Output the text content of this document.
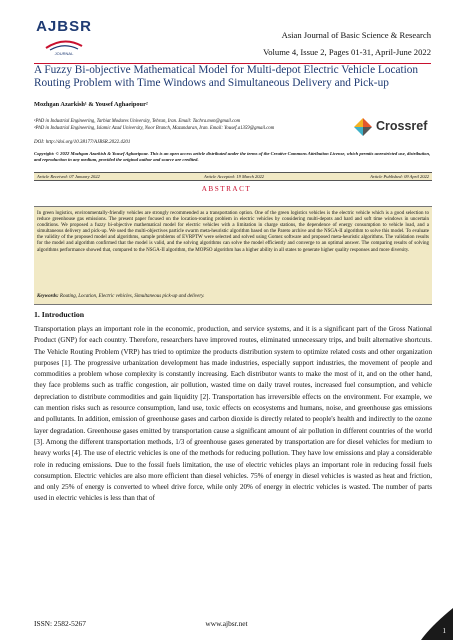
AJBSR
JOURNAL
Asian Journal of Basic Science & Research
Volume 4, Issue 2, Pages 01-31, April-June 2022
A Fuzzy Bi-objective Mathematical Model for Multi-depot Electric Vehicle Location Routing Problem with Time Windows and Simultaneous Delivery and Pick-up
Mozhgan Azarkish¹ & Yousef Aghaeipour²
¹PhD in Industrial Engineering, Tarbiat Modares University, Tehran, Iran. Email: Tachra.mon@gmail.com
²PhD in Industrial Engineering, Islamic Azad University, Noor Branch, Mazandaran, Iran. Email: Yousef.a1359@gmail.com
DOI: http://doi.org/10.38177/AJBSR.2022.4201
Crossref
Copyright: © 2022 Mozhgan Azarkish & Yousef Aghaeipour. This is an open access article distributed under the terms of the Creative Commons Attribution License, which permits unrestricted use, distribution, and reproduction in any medium, provided the original author and source are credited.
Article Received: 07 January 2022	Article Accepted: 19 March 2022	Article Published: 09 April 2022
ABSTRACT
In green logistics, environmentally-friendly vehicles are strongly recommended as a transportation option. One of the green logistics vehicles is the electric vehicle which is a good selection to reduce greenhouse gas emissions. The present paper focused on the location-routing problem in electric vehicles by considering multi-depots and hard and soft time windows in uncertain conditions. We proposed a fuzzy bi-objective mathematical model for electric vehicles with a limitation in charge stations, the dependence of energy consumption to vehicle load, and a simultaneous delivery and pick-up. We used the multi-objectives particle swarm meta-heuristic algorithm based on the Pareto archive and the NSGA-II algorithm to solve this model. To evaluate the validity of the proposed model and algorithms, sample problems of EVRPTW were selected and solved using Gomez software and proposed meta-heuristic algorithms. The validation results for the model and algorithm confirmed that the model is valid, and the solving algorithms can solve the model efficiently and converge to an optimal answer. The comparing results of solving algorithms performance showed that, compared to the NSGA-II algorithm, the MOPSO algorithm has a higher ability in all states to generate higher quality responses and more diversity.
Keywords: Routing, Location, Electric vehicles, Simultaneous pick-up and delivery.
1. Introduction
Transportation plays an important role in the economic, production, and service systems, and it is a significant part of the Gross National Product (GNP) for each country. Therefore, researchers have improved routes, eliminated unnecessary trips, and built alternative shortcuts. The Vehicle Routing Problem (VRP) has tried to optimize the products distribution system to optimize related costs and other organization purposes [1]. The progressive urbanization development has made industries, especially support industries, the movement of people and commodities a problem whose complexity is constantly increasing. Each distributor wants to make the most of it, and on the other hand, they face problems such as traffic congestion, air pollution, wasted time on daily travel routes, increased fuel consumption, and vehicle depreciation to distribute commodities and gain liquidity [2]. Transportation has irreversible effects on the environment. For example, we can mention risks such as resource consumption, land use, toxic effects on ecosystems and humans, noise, and greenhouse gas emissions and pollutants. In addition, emission of greenhouse gases and carbon dioxide is directly related to people's health and indirectly to the ozone layer degradation. Greenhouse gases emitted by transportation cause a significant amount of air pollution in different countries of the world [3]. Among the different transportation methods, 1/3 of greenhouse gases generated by transportation are for diesel vehicles for medium to heavy works [4]. The use of electric vehicles is one of the methods for reducing pollution. They have low emissions and play a considerable role in reducing emissions. Due to the fossil fuels limitation, the use of electric vehicles plays an important role in reducing fossil fuels consumption. Electric vehicles are also more efficient than diesel vehicles. 75% of energy in diesel vehicles is wasted as heat and friction, and only 25% of energy is converted to wheel drive force, while only 20% of energy in electric vehicles is wasted. The number of parts used in electric vehicles is less than that of
ISSN: 2582-5267	www.ajbsr.net
1
